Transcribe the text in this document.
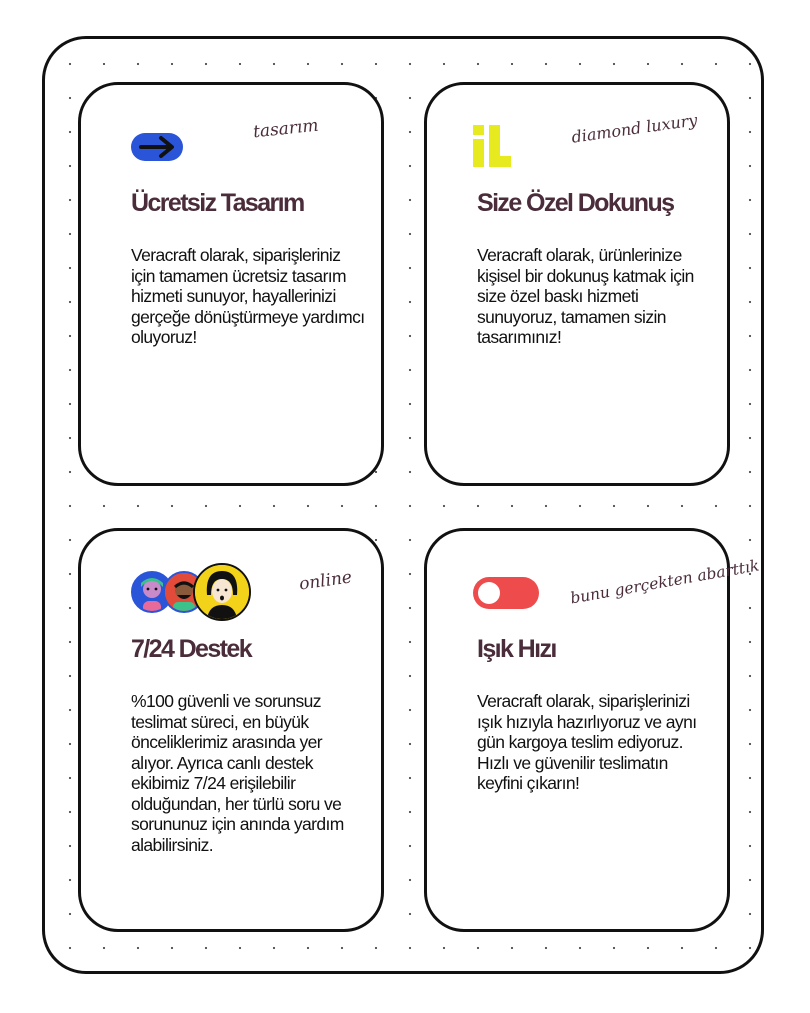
tasarım
Ücretsiz Tasarım

Veracraft olarak, siparişleriniz için tamamen ücretsiz tasarım hizmeti sunuyor, hayallerinizi gerçeğe dönüştürmeye yardımcı oluyoruz!

diamond luxury
Size Özel Dokunuş

Veracraft olarak, ürünlerinize kişisel bir dokunuş katmak için size özel baskı hizmeti sunuyoruz, tamamen sizin tasarımınız!

online
7/24 Destek

%100 güvenli ve sorunsuz teslimat süreci, en büyük önceliklerimiz arasında yer alıyor. Ayrıca canlı destek ekibimiz 7/24 erişilebilir olduğundan, her türlü soru ve sorununuz için anında yardım alabilirsiniz.

bunu gerçekten abarttık
Işık Hızı

Veracraft olarak, siparişlerinizi ışık hızıyla hazırlıyoruz ve aynı gün kargoya teslim ediyoruz. Hızlı ve güvenilir teslimatın keyfini çıkarın!
